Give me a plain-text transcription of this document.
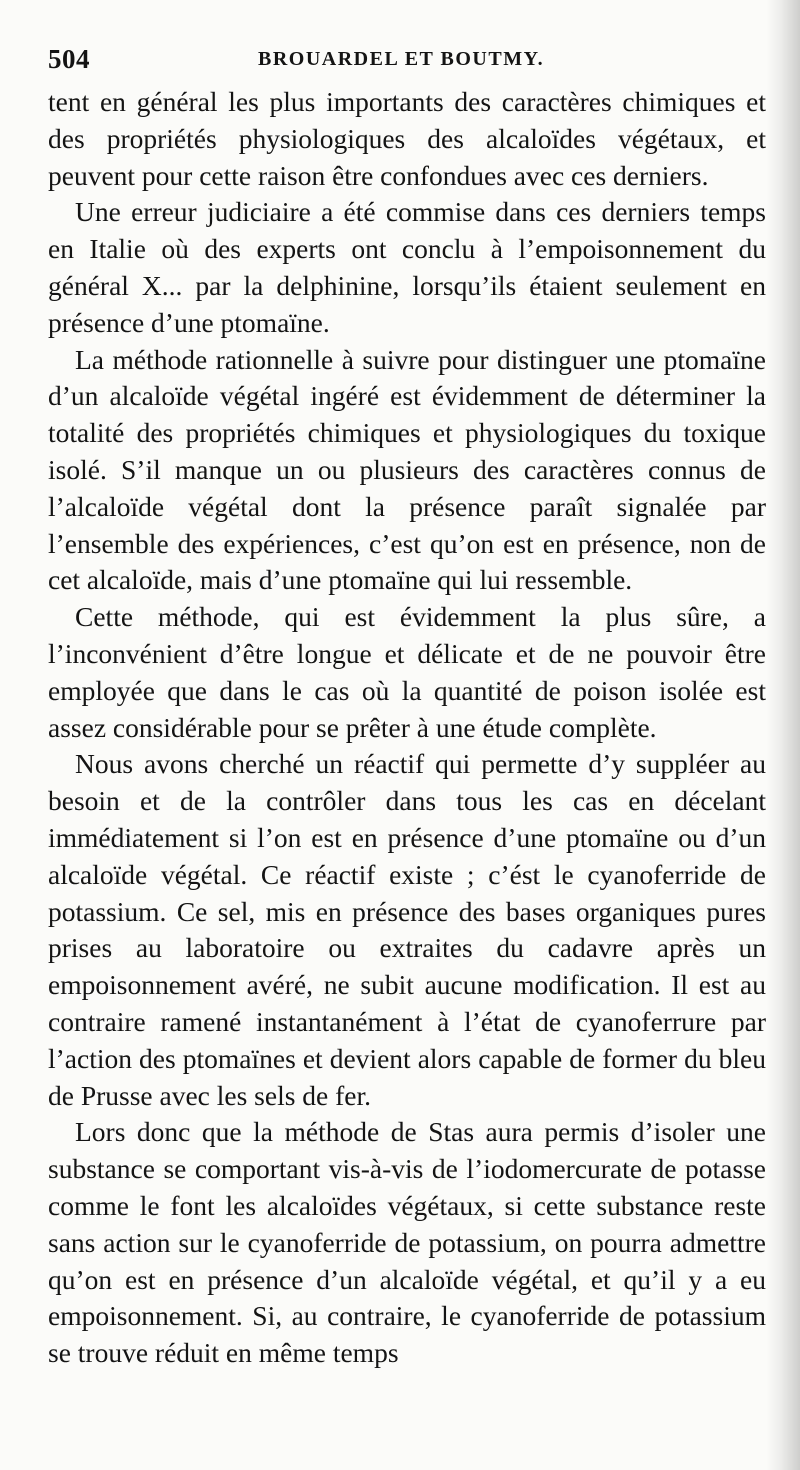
504	BROUARDEL ET BOUTMY.

tent en général les plus importants des caractères chimiques et des propriétés physiologiques des alcaloïdes végétaux, et peuvent pour cette raison être confondues avec ces derniers.

Une erreur judiciaire a été commise dans ces derniers temps en Italie où des experts ont conclu à l’empoisonnement du général X... par la delphinine, lorsqu’ils étaient seulement en présence d’une ptomaïne.

La méthode rationnelle à suivre pour distinguer une ptomaïne d’un alcaloïde végétal ingéré est évidemment de déterminer la totalité des propriétés chimiques et physiologiques du toxique isolé. S’il manque un ou plusieurs des caractères connus de l’alcaloïde végétal dont la présence paraît signalée par l’ensemble des expériences, c’est qu’on est en présence, non de cet alcaloïde, mais d’une ptomaïne qui lui ressemble.

Cette méthode, qui est évidemment la plus sûre, a l’inconvénient d’être longue et délicate et de ne pouvoir être employée que dans le cas où la quantité de poison isolée est assez considérable pour se prêter à une étude complète.

Nous avons cherché un réactif qui permette d’y suppléer au besoin et de la contrôler dans tous les cas en décelant immédiatement si l’on est en présence d’une ptomaïne ou d’un alcaloïde végétal. Ce réactif existe ; c’ést le cyanoferride de potassium. Ce sel, mis en présence des bases organiques pures prises au laboratoire ou extraites du cadavre après un empoisonnement avéré, ne subit aucune modification. Il est au contraire ramené instantanément à l’état de cyanoferrure par l’action des ptomaïnes et devient alors capable de former du bleu de Prusse avec les sels de fer.

Lors donc que la méthode de Stas aura permis d’isoler une substance se comportant vis-à-vis de l’iodomercurate de potasse comme le font les alcaloïdes végétaux, si cette substance reste sans action sur le cyanoferride de potassium, on pourra admettre qu’on est en présence d’un alcaloïde végétal, et qu’il y a eu empoisonnement. Si, au contraire, le cyanoferride de potassium se trouve réduit en même temps
